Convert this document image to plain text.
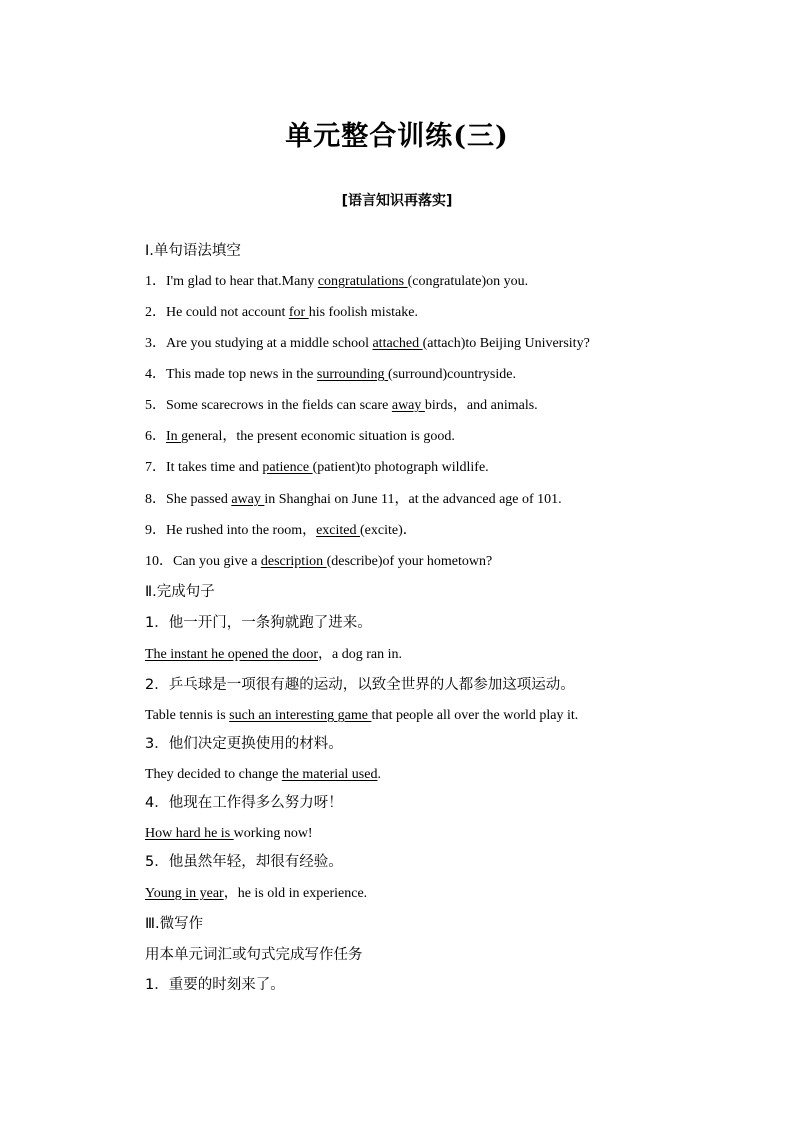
单元整合训练(三)
[语言知识再落实]
Ⅰ.单句语法填空
1．I'm glad to hear that.Many congratulations (congratulate)on you.
2．He could not account for his foolish mistake.
3．Are you studying at a middle school attached (attach)to Beijing University?
4．This made top news in the surrounding (surround)countryside.
5．Some scarecrows in the fields can scare away birds，and animals.
6．In general，the present economic situation is good.
7．It takes time and patience (patient)to photograph wildlife.
8．She passed away in Shanghai on June 11，at the advanced age of 101.
9．He rushed into the room，excited (excite)．
10．Can you give a description (describe)of your hometown?
Ⅱ.完成句子
1．他一开门，一条狗就跑了进来。
The instant he opened the door，a dog ran in.
2．乒乓球是一项很有趣的运动，以致全世界的人都参加这项运动。
Table tennis is such an interesting game that people all over the world play it.
3．他们决定更换使用的材料。
They decided to change the material used.
4．他现在工作得多么努力呀！
How hard he is working now!
5．他虽然年轻，却很有经验。
Young in year，he is old in experience.
Ⅲ.微写作
用本单元词汇或句式完成写作任务
1．重要的时刻来了。
